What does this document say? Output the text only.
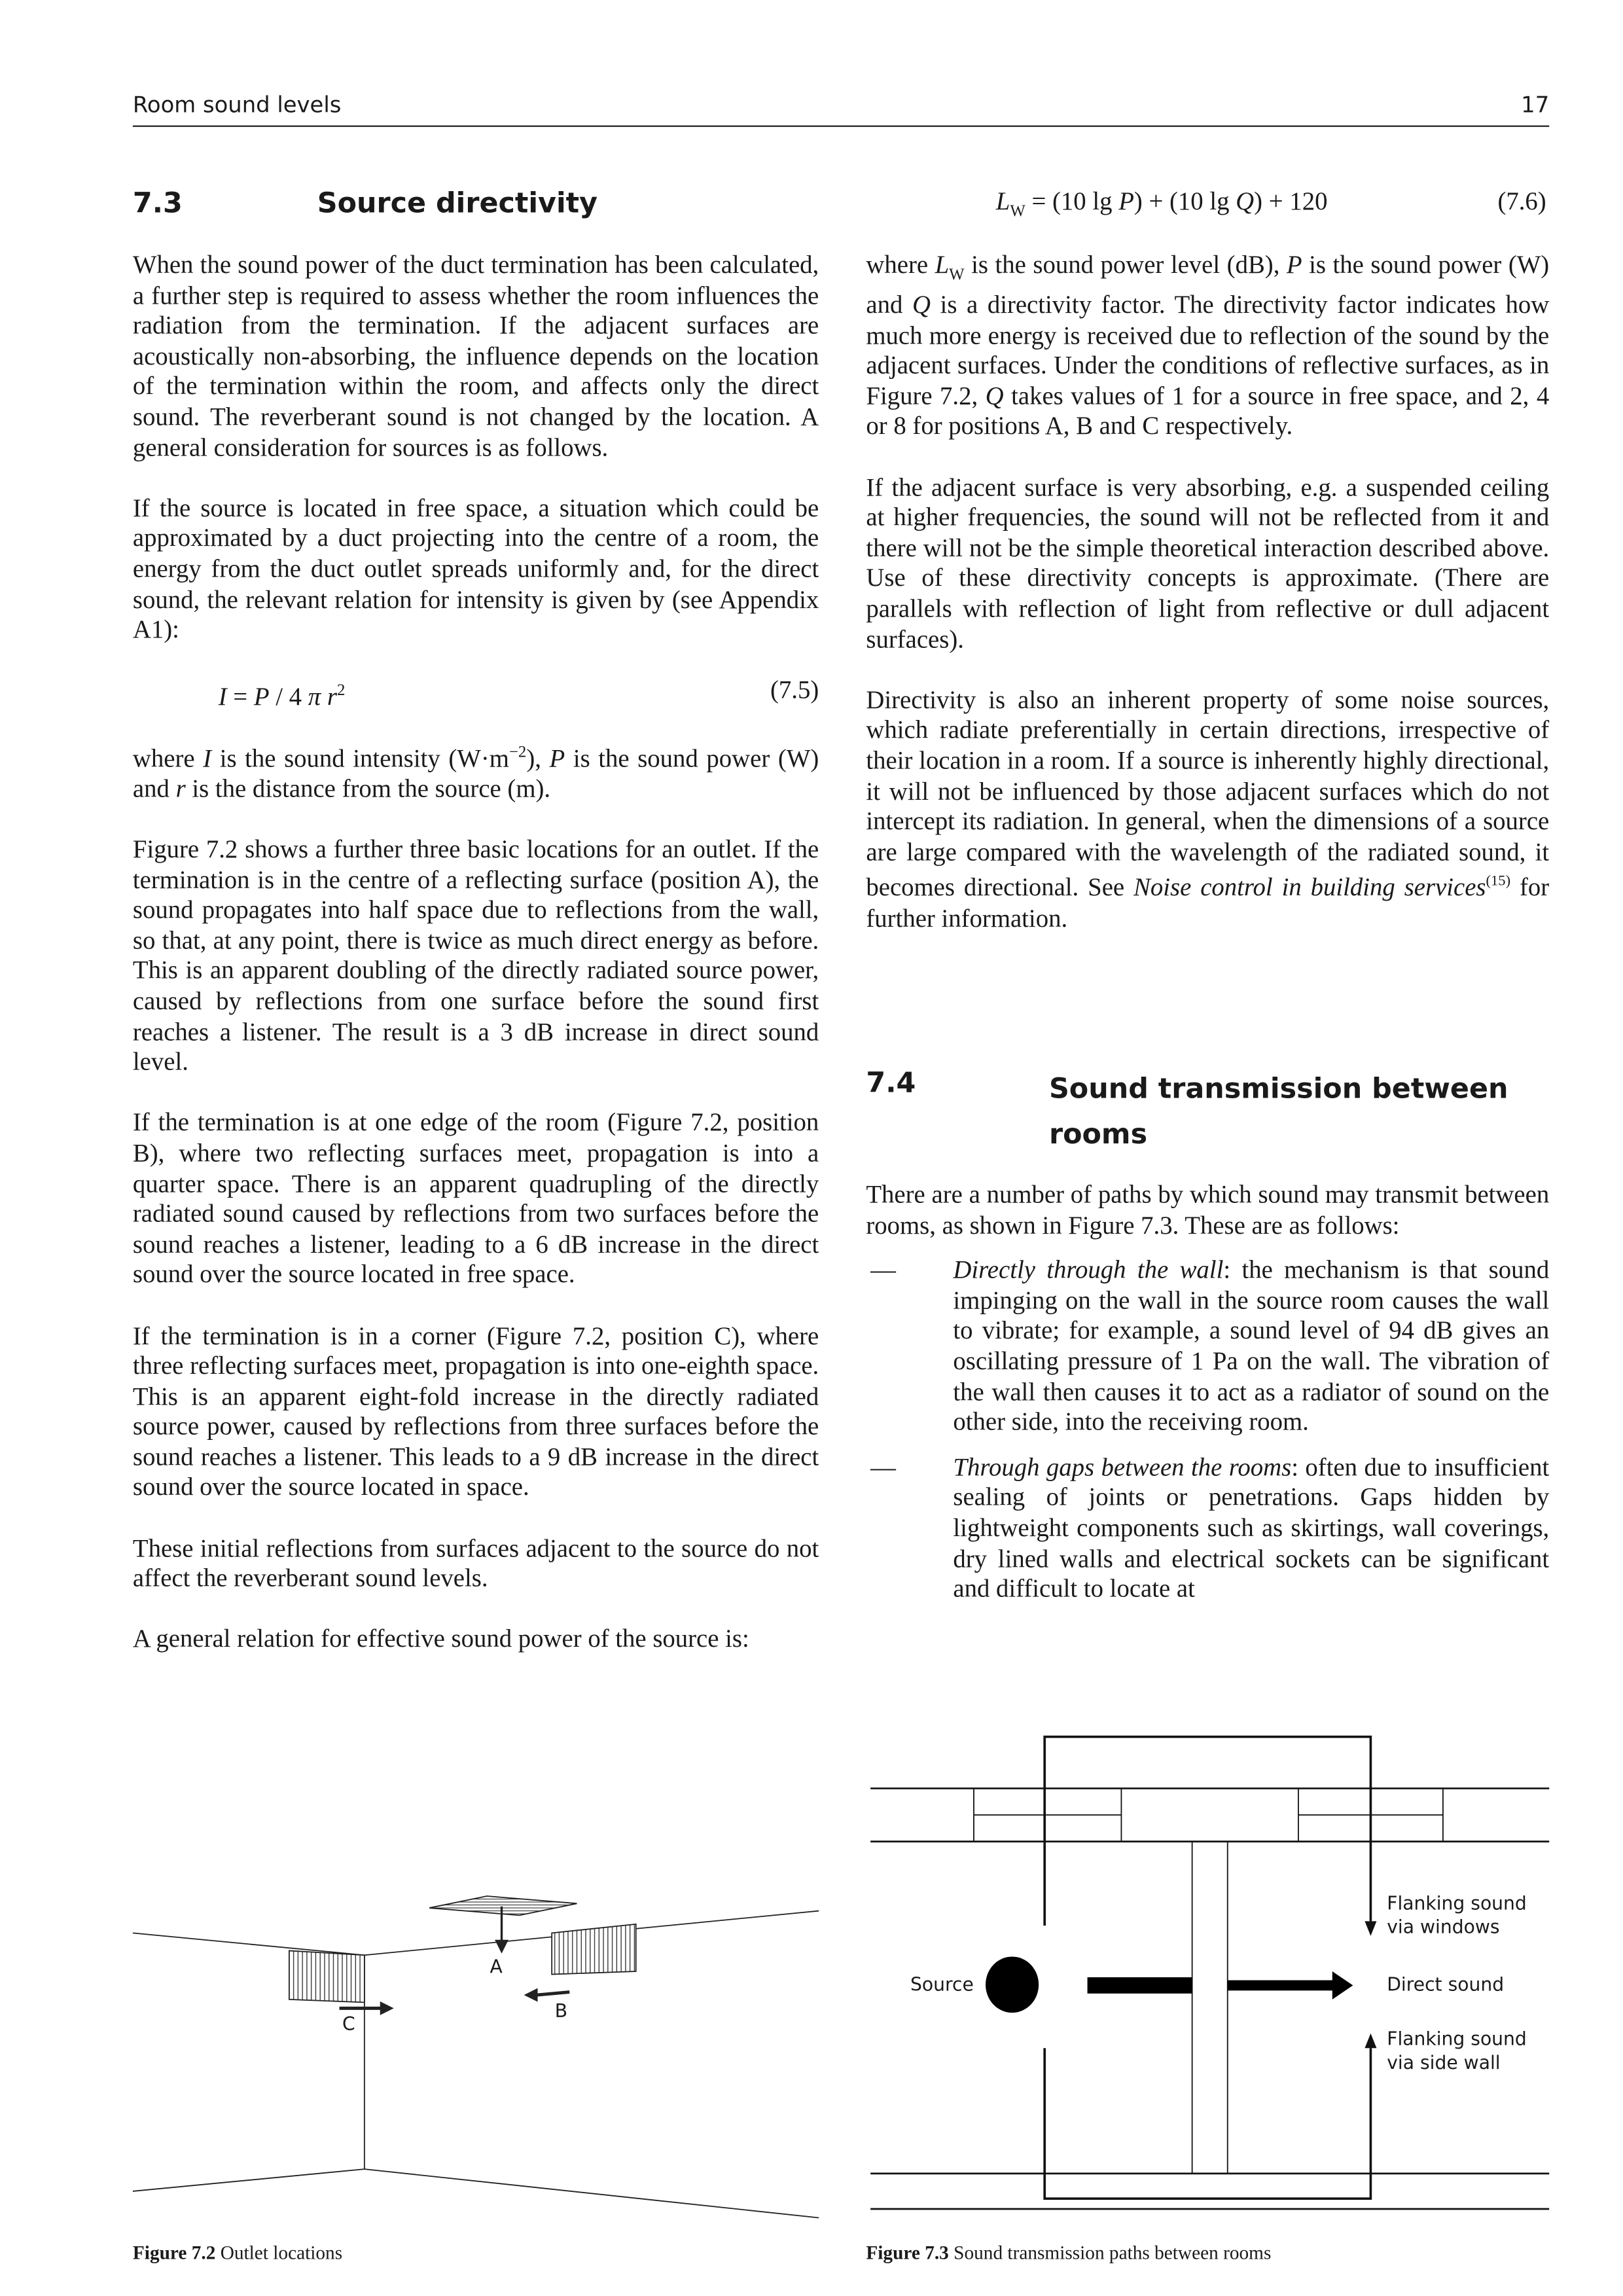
Room sound levels	17
7.3	Source directivity

When the sound power of the duct termination has been calculated, a further step is required to assess whether the room influences the radiation from the termination. If the adjacent surfaces are acoustically non-absorbing, the influence depends on the location of the termination within the room, and affects only the direct sound. The reverberant sound is not changed by the location. A general consideration for sources is as follows.

If the source is located in free space, a situation which could be approximated by a duct projecting into the centre of a room, the energy from the duct outlet spreads uniformly and, for the direct sound, the relevant relation for intensity is given by (see Appendix A1):

I = P / 4 π $r^2$	(7.5)

where I is the sound intensity $(W\cdot m^{-2})$, P is the sound power (W) and r is the distance from the source (m).

Figure 7.2 shows a further three basic locations for an outlet. If the termination is in the centre of a reflecting surface (position A), the sound propagates into half space due to reflections from the wall, so that, at any point, there is twice as much direct energy as before. This is an apparent doubling of the directly radiated source power, caused by reflections from one surface before the sound first reaches a listener. The result is a 3 dB increase in direct sound level.

If the termination is at one edge of the room (Figure 7.2, position B), where two reflecting surfaces meet, propagation is into a quarter space. There is an apparent quadrupling of the directly radiated sound caused by reflections from two surfaces before the sound reaches a listener, leading to a 6 dB increase in the direct sound over the source located in free space.

If the termination is in a corner (Figure 7.2, position C), where three reflecting surfaces meet, propagation is into one-eighth space. This is an apparent eight-fold increase in the directly radiated source power, caused by reflections from three surfaces before the sound reaches a listener. This leads to a 9 dB increase in the direct sound over the source located in space.

These initial reflections from surfaces adjacent to the source do not affect the reverberant sound levels.

A general relation for effective sound power of the source is:

$L_W = (10$ lg P) + (10 lg Q) + 120	(7.6)

where $L_W$ is the sound power level (dB), P is the sound power (W) and Q is a directivity factor. The directivity factor indicates how much more energy is received due to reflection of the sound by the adjacent surfaces. Under the conditions of reflective surfaces, as in Figure 7.2, Q takes values of 1 for a source in free space, and 2, 4 or 8 for positions A, B and C respectively.

If the adjacent surface is very absorbing, e.g. a suspended ceiling at higher frequencies, the sound will not be reflected from it and there will not be the simple theoretical interaction described above. Use of these directivity concepts is approximate. (There are parallels with reflection of light from reflective or dull adjacent surfaces).

Directivity is also an inherent property of some noise sources, which radiate preferentially in certain directions, irrespective of their location in a room. If a source is inherently highly directional, it will not be influenced by those adjacent surfaces which do not intercept its radiation. In general, when the dimensions of a source are large compared with the wavelength of the radiated sound, it becomes directional. See Noise control in building services$^{(15)}$ for further information.

7.4	Sound transmission between rooms

There are a number of paths by which sound may transmit between rooms, as shown in Figure 7.3. These are as follows:

—	Directly through the wall: the mechanism is that sound impinging on the wall in the source room causes the wall to vibrate; for example, a sound level of 94 dB gives an oscillating pressure of 1 Pa on the wall. The vibration of the wall then causes it to act as a radiator of sound on the other side, into the receiving room.
—	Through gaps between the rooms: often due to insufficient sealing of joints or penetrations. Gaps hidden by lightweight components such as skirtings, wall coverings, dry lined walls and electrical sockets can be significant and difficult to locate at
A
B
C
Figure 7.2 Outlet locations
Source
Flanking sound
via windows
Direct sound
Flanking sound
via side wall
Figure 7.3 Sound transmission paths between rooms
